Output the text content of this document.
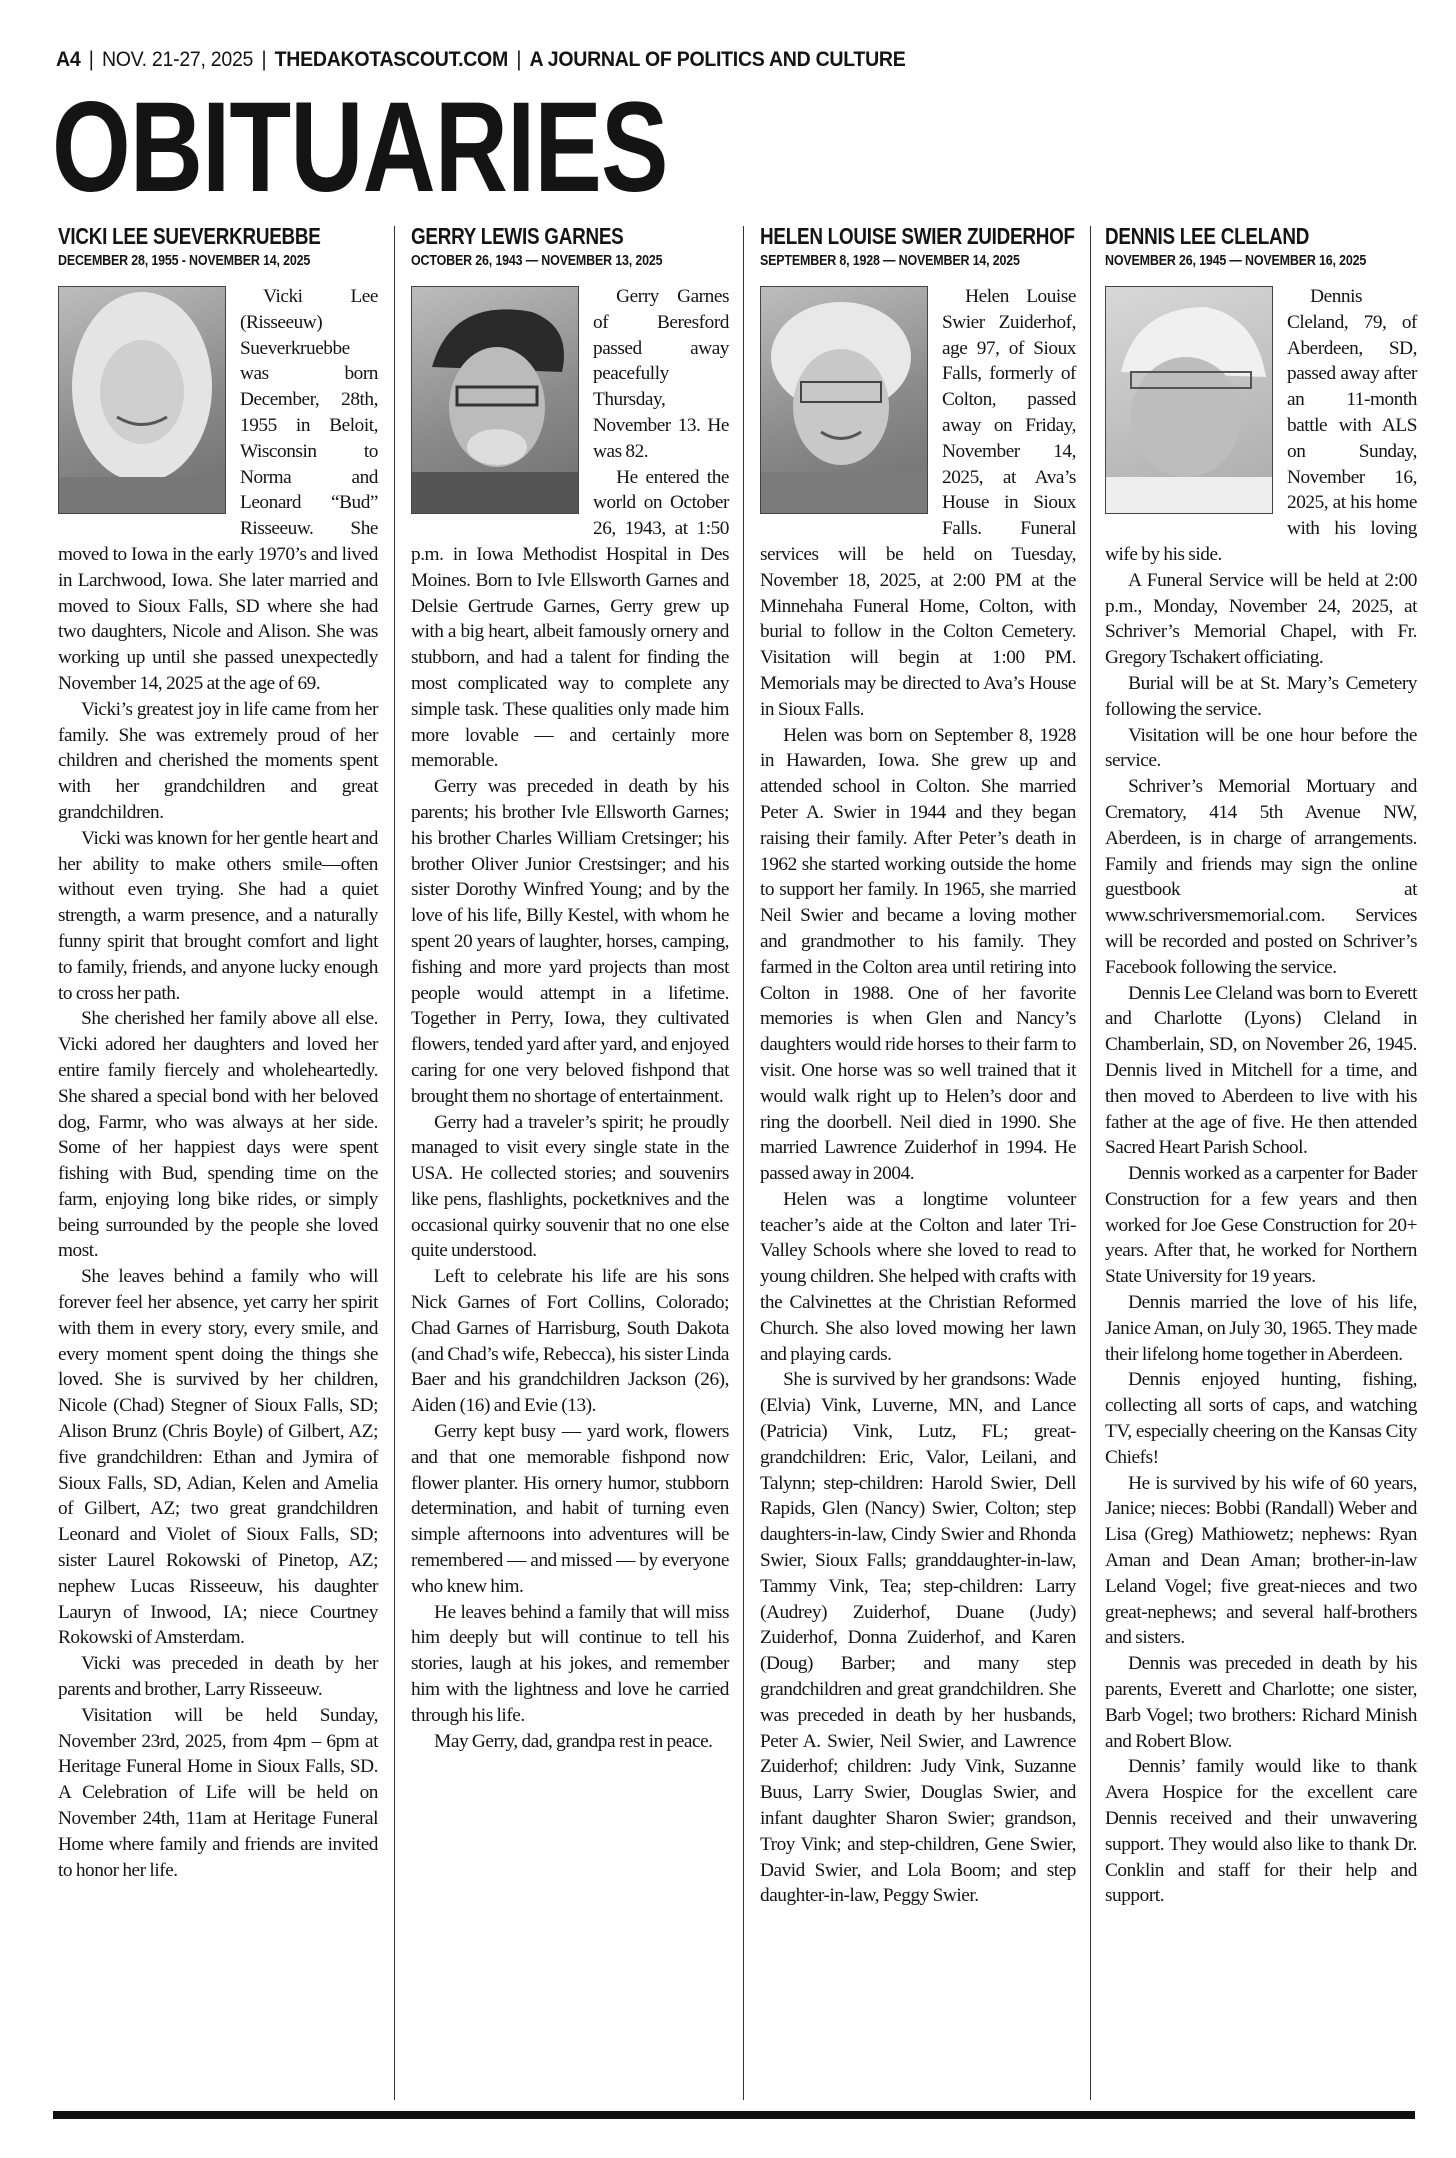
A4 | NOV. 21-27, 2025 | THEDAKOTASCOUT.COM | A JOURNAL OF POLITICS AND CULTURE
OBITUARIES
VICKI LEE SUEVERKRUEBBE
DECEMBER 28, 1955 - NOVEMBER 14, 2025

Vicki Lee (Risseeuw) Sueverkruebbe was born December, 28th, 1955 in Beloit, Wisconsin to Norma and Leonard “Bud” Risseeuw. She moved to Iowa in the early 1970’s and lived in Larchwood, Iowa. She later married and moved to Sioux Falls, SD where she had two daughters, Nicole and Alison. She was working up until she passed unexpectedly November 14, 2025 at the age of 69.

Vicki’s greatest joy in life came from her family. She was extremely proud of her children and cherished the moments spent with her grandchildren and great grandchildren.

Vicki was known for her gentle heart and her ability to make others smile—often without even trying. She had a quiet strength, a warm presence, and a naturally funny spirit that brought comfort and light to family, friends, and anyone lucky enough to cross her path.

She cherished her family above all else. Vicki adored her daughters and loved her entire family fiercely and wholeheartedly. She shared a special bond with her beloved dog, Farmr, who was always at her side. Some of her happiest days were spent fishing with Bud, spending time on the farm, enjoying long bike rides, or simply being surrounded by the people she loved most.

She leaves behind a family who will forever feel her absence, yet carry her spirit with them in every story, every smile, and every moment spent doing the things she loved. She is survived by her children, Nicole (Chad) Stegner of Sioux Falls, SD; Alison Brunz (Chris Boyle) of Gilbert, AZ; five grandchildren: Ethan and Jymira of Sioux Falls, SD, Adian, Kelen and Amelia of Gilbert, AZ; two great grandchildren Leonard and Violet of Sioux Falls, SD; sister Laurel Rokowski of Pinetop, AZ; nephew Lucas Risseeuw, his daughter Lauryn of Inwood, IA; niece Courtney Rokowski of Amsterdam.

Vicki was preceded in death by her parents and brother, Larry Risseeuw.

Visitation will be held Sunday, November 23rd, 2025, from 4pm – 6pm at Heritage Funeral Home in Sioux Falls, SD. A Celebration of Life will be held on November 24th, 11am at Heritage Funeral Home where family and friends are invited to honor her life.

GERRY LEWIS GARNES
OCTOBER 26, 1943 — NOVEMBER 13, 2025

Gerry Garnes of Beresford passed away peacefully Thursday, November 13. He was 82.

He entered the world on October 26, 1943, at 1:50 p.m. in Iowa Methodist Hospital in Des Moines. Born to Ivle Ellsworth Garnes and Delsie Gertrude Garnes, Gerry grew up with a big heart, albeit famously ornery and stubborn, and had a talent for finding the most complicated way to complete any simple task. These qualities only made him more lovable — and certainly more memorable.

Gerry was preceded in death by his parents; his brother Ivle Ellsworth Garnes; his brother Charles William Cretsinger; his brother Oliver Junior Crestsinger; and his sister Dorothy Winfred Young; and by the love of his life, Billy Kestel, with whom he spent 20 years of laughter, horses, camping, fishing and more yard projects than most people would attempt in a lifetime. Together in Perry, Iowa, they cultivated flowers, tended yard after yard, and enjoyed caring for one very beloved fishpond that brought them no shortage of entertainment.

Gerry had a traveler’s spirit; he proudly managed to visit every single state in the USA. He collected stories; and souvenirs like pens, flashlights, pocketknives and the occasional quirky souvenir that no one else quite understood.

Left to celebrate his life are his sons Nick Garnes of Fort Collins, Colorado; Chad Garnes of Harrisburg, South Dakota (and Chad’s wife, Rebecca), his sister Linda Baer and his grandchildren Jackson (26), Aiden (16) and Evie (13).

Gerry kept busy — yard work, flowers and that one memorable fishpond now flower planter. His ornery humor, stubborn determination, and habit of turning even simple afternoons into adventures will be remembered — and missed — by everyone who knew him.

He leaves behind a family that will miss him deeply but will continue to tell his stories, laugh at his jokes, and remember him with the lightness and love he carried through his life.

May Gerry, dad, grandpa rest in peace.

HELEN LOUISE SWIER ZUIDERHOF
SEPTEMBER 8, 1928 — NOVEMBER 14, 2025

Helen Louise Swier Zuiderhof, age 97, of Sioux Falls, formerly of Colton, passed away on Friday, November 14, 2025, at Ava’s House in Sioux Falls. Funeral services will be held on Tuesday, November 18, 2025, at 2:00 PM at the Minnehaha Funeral Home, Colton, with burial to follow in the Colton Cemetery. Visitation will begin at 1:00 PM. Memorials may be directed to Ava’s House in Sioux Falls.

Helen was born on September 8, 1928 in Hawarden, Iowa. She grew up and attended school in Colton. She married Peter A. Swier in 1944 and they began raising their family. After Peter’s death in 1962 she started working outside the home to support her family. In 1965, she married Neil Swier and became a loving mother and grandmother to his family. They farmed in the Colton area until retiring into Colton in 1988. One of her favorite memories is when Glen and Nancy’s daughters would ride horses to their farm to visit. One horse was so well trained that it would walk right up to Helen’s door and ring the doorbell. Neil died in 1990. She married Lawrence Zuiderhof in 1994. He passed away in 2004.

Helen was a longtime volunteer teacher’s aide at the Colton and later Tri-Valley Schools where she loved to read to young children. She helped with crafts with the Calvinettes at the Christian Reformed Church. She also loved mowing her lawn and playing cards.

She is survived by her grandsons: Wade (Elvia) Vink, Luverne, MN, and Lance (Patricia) Vink, Lutz, FL; great-grandchildren: Eric, Valor, Leilani, and Talynn; step-children: Harold Swier, Dell Rapids, Glen (Nancy) Swier, Colton; step daughters-in-law, Cindy Swier and Rhonda Swier, Sioux Falls; granddaughter-in-law, Tammy Vink, Tea; step-children: Larry (Audrey) Zuiderhof, Duane (Judy) Zuiderhof, Donna Zuiderhof, and Karen (Doug) Barber; and many step grandchildren and great grandchildren. She was preceded in death by her husbands, Peter A. Swier, Neil Swier, and Lawrence Zuiderhof; children: Judy Vink, Suzanne Buus, Larry Swier, Douglas Swier, and infant daughter Sharon Swier; grandson, Troy Vink; and step-children, Gene Swier, David Swier, and Lola Boom; and step daughter-in-law, Peggy Swier.

DENNIS LEE CLELAND
NOVEMBER 26, 1945 — NOVEMBER 16, 2025

Dennis Cleland, 79, of Aberdeen, SD, passed away after an 11-month battle with ALS on Sunday, November 16, 2025, at his home with his loving wife by his side.

A Funeral Service will be held at 2:00 p.m., Monday, November 24, 2025, at Schriver’s Memorial Chapel, with Fr. Gregory Tschakert officiating.

Burial will be at St. Mary’s Cemetery following the service.

Visitation will be one hour before the service.

Schriver’s Memorial Mortuary and Crematory, 414 5th Avenue NW, Aberdeen, is in charge of arrangements. Family and friends may sign the online guestbook at www.schriversmemorial.com. Services will be recorded and posted on Schriver’s Facebook following the service.

Dennis Lee Cleland was born to Everett and Charlotte (Lyons) Cleland in Chamberlain, SD, on November 26, 1945. Dennis lived in Mitchell for a time, and then moved to Aberdeen to live with his father at the age of five. He then attended Sacred Heart Parish School.

Dennis worked as a carpenter for Bader Construction for a few years and then worked for Joe Gese Construction for 20+ years. After that, he worked for Northern State University for 19 years.

Dennis married the love of his life, Janice Aman, on July 30, 1965. They made their lifelong home together in Aberdeen.

Dennis enjoyed hunting, fishing, collecting all sorts of caps, and watching TV, especially cheering on the Kansas City Chiefs!

He is survived by his wife of 60 years, Janice; nieces: Bobbi (Randall) Weber and Lisa (Greg) Mathiowetz; nephews: Ryan Aman and Dean Aman; brother-in-law Leland Vogel; five great-nieces and two great-nephews; and several half-brothers and sisters.

Dennis was preceded in death by his parents, Everett and Charlotte; one sister, Barb Vogel; two brothers: Richard Minish and Robert Blow.

Dennis’ family would like to thank Avera Hospice for the excellent care Dennis received and their unwavering support. They would also like to thank Dr. Conklin and staff for their help and support.
